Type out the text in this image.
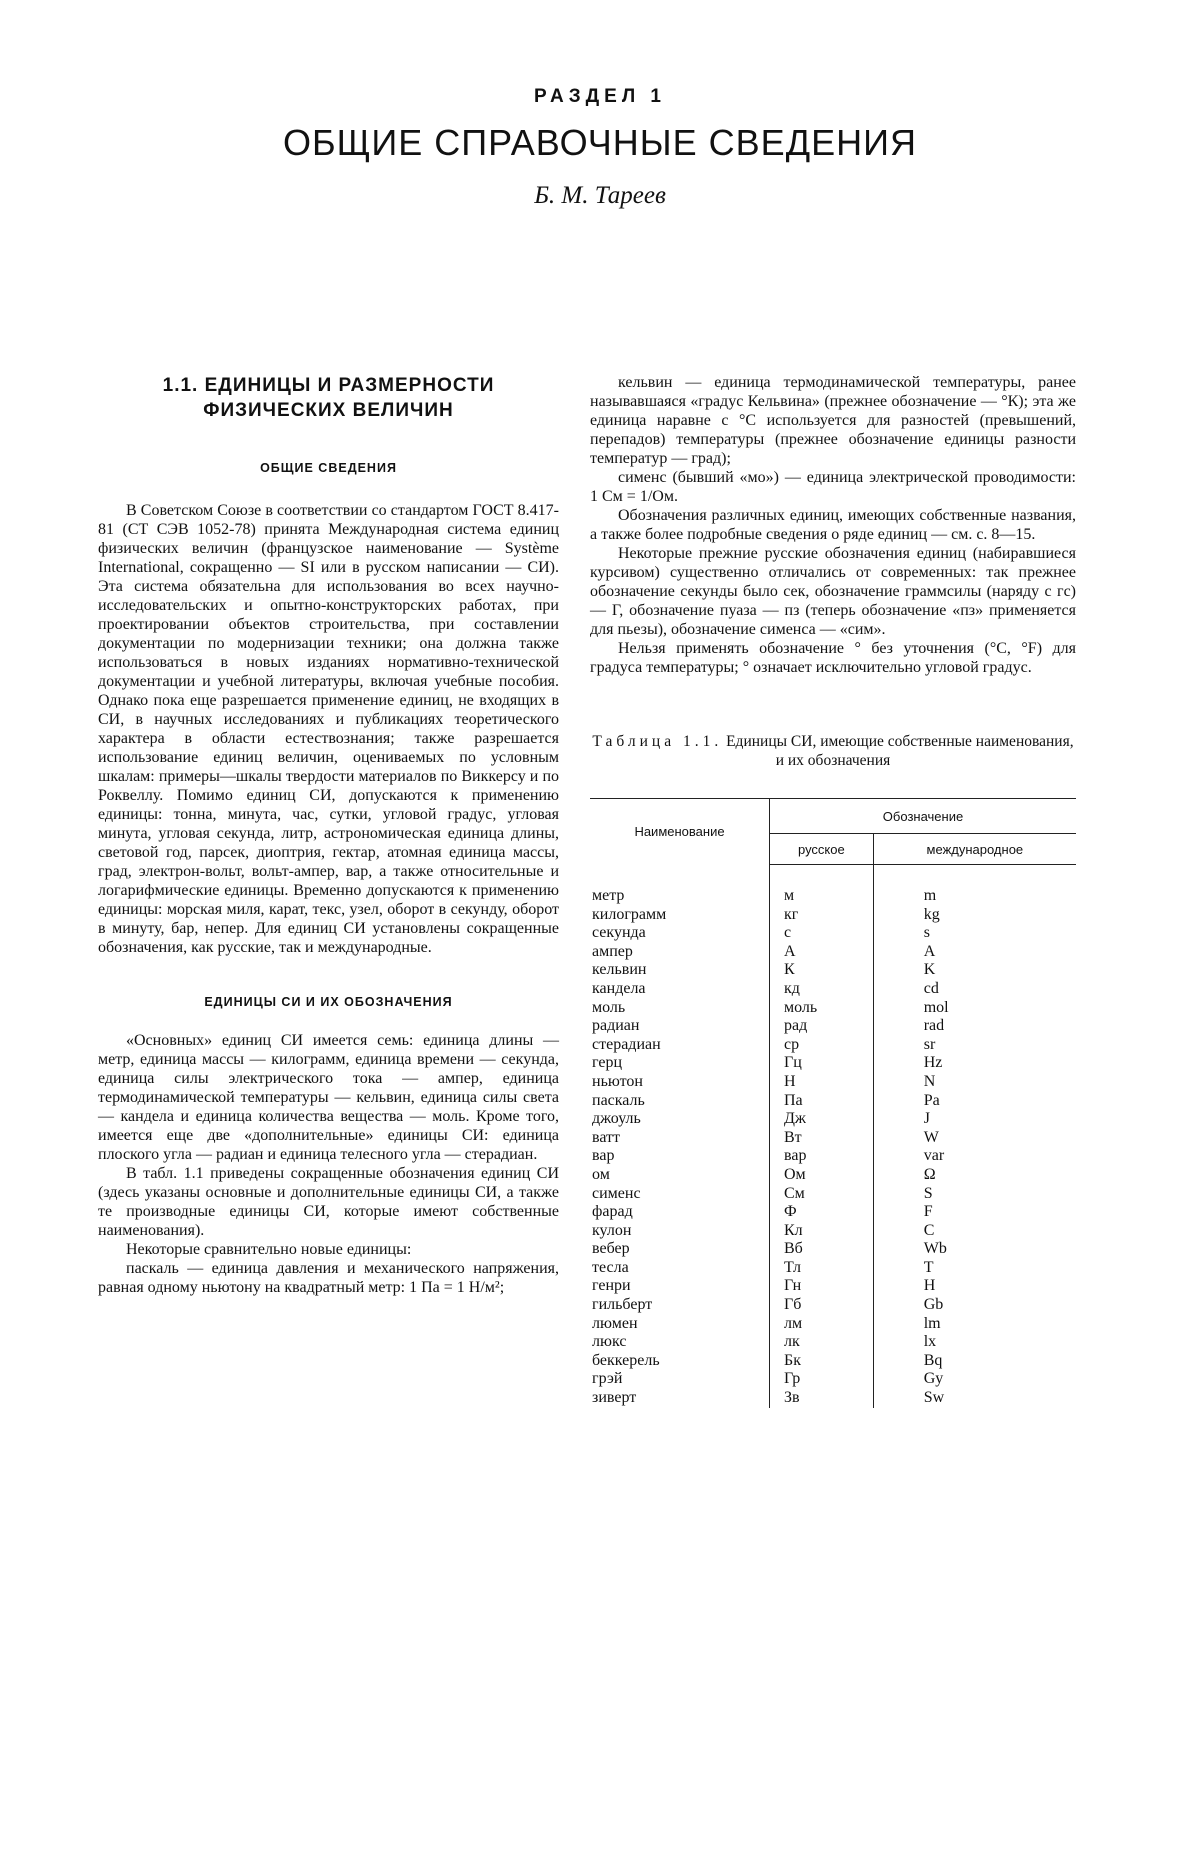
РАЗДЕЛ 1
ОБЩИЕ СПРАВОЧНЫЕ СВЕДЕНИЯ
Б. М. Тареев
1.1. ЕДИНИЦЫ И РАЗМЕРНОСТИ ФИЗИЧЕСКИХ ВЕЛИЧИН
ОБЩИЕ СВЕДЕНИЯ

В Советском Союзе в соответствии со стандартом ГОСТ 8.417-81 (СТ СЭВ 1052-78) принята Международная система единиц физических величин (французское наименование — Système International, сокращенно — SI или в русском написании — СИ). Эта система обязательна для использования во всех научно-исследовательских и опытно-конструкторских работах, при проектировании объектов строительства, при составлении документации по модернизации техники; она должна также использоваться в новых изданиях нормативно-технической документации и учебной литературы, включая учебные пособия. Однако пока еще разрешается применение единиц, не входящих в СИ, в научных исследованиях и публикациях теоретического характера в области естествознания; также разрешается использование единиц величин, оцениваемых по условным шкалам: примеры—шкалы твердости материалов по Виккерсу и по Роквеллу. Помимо единиц СИ, допускаются к применению единицы: тонна, минута, час, сутки, угловой градус, угловая минута, угловая секунда, литр, астрономическая единица длины, световой год, парсек, диоптрия, гектар, атомная единица массы, град, электрон-вольт, вольт-ампер, вар, а также относительные и логарифмические единицы. Временно допускаются к применению единицы: морская миля, карат, текс, узел, оборот в секунду, оборот в минуту, бар, непер. Для единиц СИ установлены сокращенные обозначения, как русские, так и международные.

ЕДИНИЦЫ СИ И ИХ ОБОЗНАЧЕНИЯ

«Основных» единиц СИ имеется семь: единица длины — метр, единица массы — килограмм, единица времени — секунда, единица силы электрического тока — ампер, единица термодинамической температуры — кельвин, единица силы света — кандела и единица количества вещества — моль. Кроме того, имеется еще две «дополнительные» единицы СИ: единица плоского угла — радиан и единица телесного угла — стерадиан.

В табл. 1.1 приведены сокращенные обозначения единиц СИ (здесь указаны основные и дополнительные единицы СИ, а также те производные единицы СИ, которые имеют собственные наименования).

Некоторые сравнительно новые единицы:

паскаль — единица давления и механического напряжения, равная одному ньютону на квадратный метр: 1 Па = 1 Н/м²;

кельвин — единица термодинамической температуры, ранее называвшаяся «градус Кельвина» (прежнее обозначение — °К); эта же единица наравне с °С используется для разностей (превышений, перепадов) температуры (прежнее обозначение единицы разности температур — град);

сименс (бывший «мо») — единица электрической проводимости: 1 См = 1/Ом.

Обозначения различных единиц, имеющих собственные названия, а также более подробные сведения о ряде единиц — см. с. 8—15.

Некоторые прежние русские обозначения единиц (набиравшиеся курсивом) существенно отличались от современных: так прежнее обозначение секунды было сек, обозначение граммсилы (наряду с гс) — Г, обозначение пуаза — пз (теперь обозначение «пз» применяется для пьезы), обозначение сименса — «сим».

Нельзя применять обозначение ° без уточнения (°С, °F) для градуса температуры; ° означает исключительно угловой градус.

Таблица 1.1. Единицы СИ, имеющие собственные наименования, и их обозначения
Наименование	Обозначение	
	русское	международное
метр	м	m
килограмм	кг	kg
секунда	с	s
ампер	А	A
кельвин	К	K
кандела	кд	cd
моль	моль	mol
радиан	рад	rad
стерадиан	ср	sr
герц	Гц	Hz
ньютон	Н	N
паскаль	Па	Pa
джоуль	Дж	J
ватт	Вт	W
вар	вар	var
ом	Ом	Ω
сименс	См	S
фарад	Ф	F
кулон	Кл	C
вебер	Вб	Wb
тесла	Тл	T
генри	Гн	H
гильберт	Гб	Gb
люмен	лм	lm
люкс	лк	lx
беккерель	Бк	Bq
грэй	Гр	Gy
зиверт	Зв	Sw
